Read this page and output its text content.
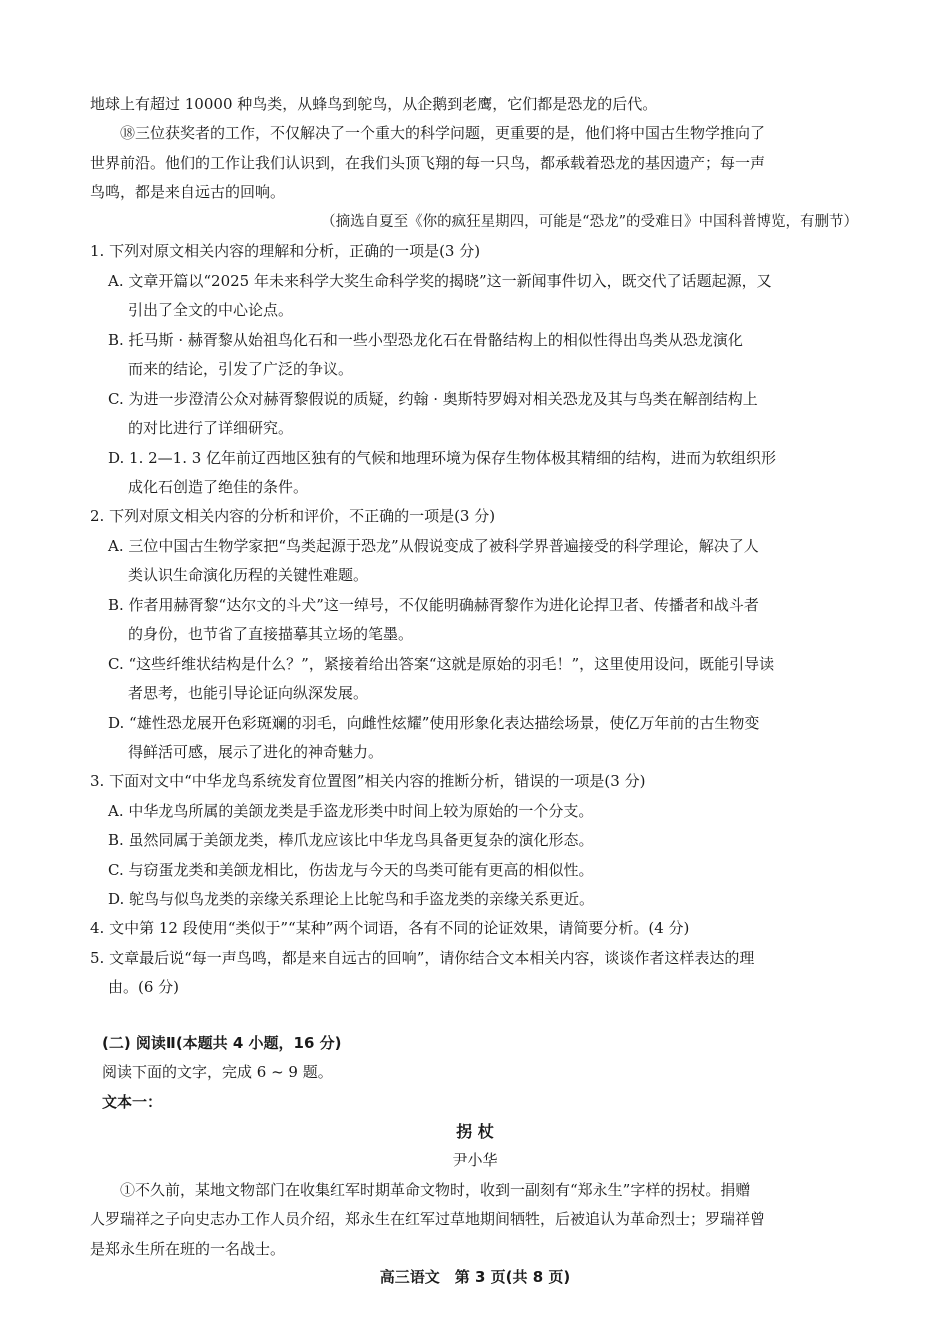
地球上有超过 10000 种鸟类，从蜂鸟到鸵鸟，从企鹅到老鹰，它们都是恐龙的后代。

⑱三位获奖者的工作，不仅解决了一个重大的科学问题，更重要的是，他们将中国古生物学推向了

世界前沿。他们的工作让我们认识到，在我们头顶飞翔的每一只鸟，都承载着恐龙的基因遗产；每一声

鸟鸣，都是来自远古的回响。

（摘选自夏至《你的疯狂星期四，可能是“恐龙”的受难日》中国科普博览，有删节）

1. 下列对原文相关内容的理解和分析，正确的一项是(3 分)

A. 文章开篇以“2025 年未来科学大奖生命科学奖的揭晓”这一新闻事件切入，既交代了话题起源，又

引出了全文的中心论点。

B. 托马斯 · 赫胥黎从始祖鸟化石和一些小型恐龙化石在骨骼结构上的相似性得出鸟类从恐龙演化

而来的结论，引发了广泛的争议。

C. 为进一步澄清公众对赫胥黎假说的质疑，约翰 · 奥斯特罗姆对相关恐龙及其与鸟类在解剖结构上

的对比进行了详细研究。

D. 1. 2—1. 3 亿年前辽西地区独有的气候和地理环境为保存生物体极其精细的结构，进而为软组织形

成化石创造了绝佳的条件。

2. 下列对原文相关内容的分析和评价，不正确的一项是(3 分)

A. 三位中国古生物学家把“鸟类起源于恐龙”从假说变成了被科学界普遍接受的科学理论，解决了人

类认识生命演化历程的关键性难题。

B. 作者用赫胥黎“达尔文的斗犬”这一绰号，不仅能明确赫胥黎作为进化论捍卫者、传播者和战斗者

的身份，也节省了直接描摹其立场的笔墨。

C. “这些纤维状结构是什么？”，紧接着给出答案“这就是原始的羽毛！”，这里使用设问，既能引导读

者思考，也能引导论证向纵深发展。

D. “雄性恐龙展开色彩斑斓的羽毛，向雌性炫耀”使用形象化表达描绘场景，使亿万年前的古生物变

得鲜活可感，展示了进化的神奇魅力。

3. 下面对文中“中华龙鸟系统发育位置图”相关内容的推断分析，错误的一项是(3 分)

A. 中华龙鸟所属的美颌龙类是手盗龙形类中时间上较为原始的一个分支。

B. 虽然同属于美颌龙类，棒爪龙应该比中华龙鸟具备更复杂的演化形态。

C. 与窃蛋龙类和美颌龙相比，伤齿龙与今天的鸟类可能有更高的相似性。

D. 鸵鸟与似鸟龙类的亲缘关系理论上比鸵鸟和手盗龙类的亲缘关系更近。

4. 文中第 12 段使用“类似于”“某种”两个词语，各有不同的论证效果，请简要分析。(4 分)

5. 文章最后说“每一声鸟鸣，都是来自远古的回响”，请你结合文本相关内容，谈谈作者这样表达的理

由。(6 分)

(二) 阅读Ⅱ(本题共 4 小题，16 分)

阅读下面的文字，完成 6 ~ 9 题。

文本一：

拐 杖

尹小华

①不久前，某地文物部门在收集红军时期革命文物时，收到一副刻有“郑永生”字样的拐杖。捐赠

人罗瑞祥之子向史志办工作人员介绍，郑永生在红军过草地期间牺牲，后被追认为革命烈士；罗瑞祥曾

是郑永生所在班的一名战士。

高三语文　第 3 页(共 8 页)
